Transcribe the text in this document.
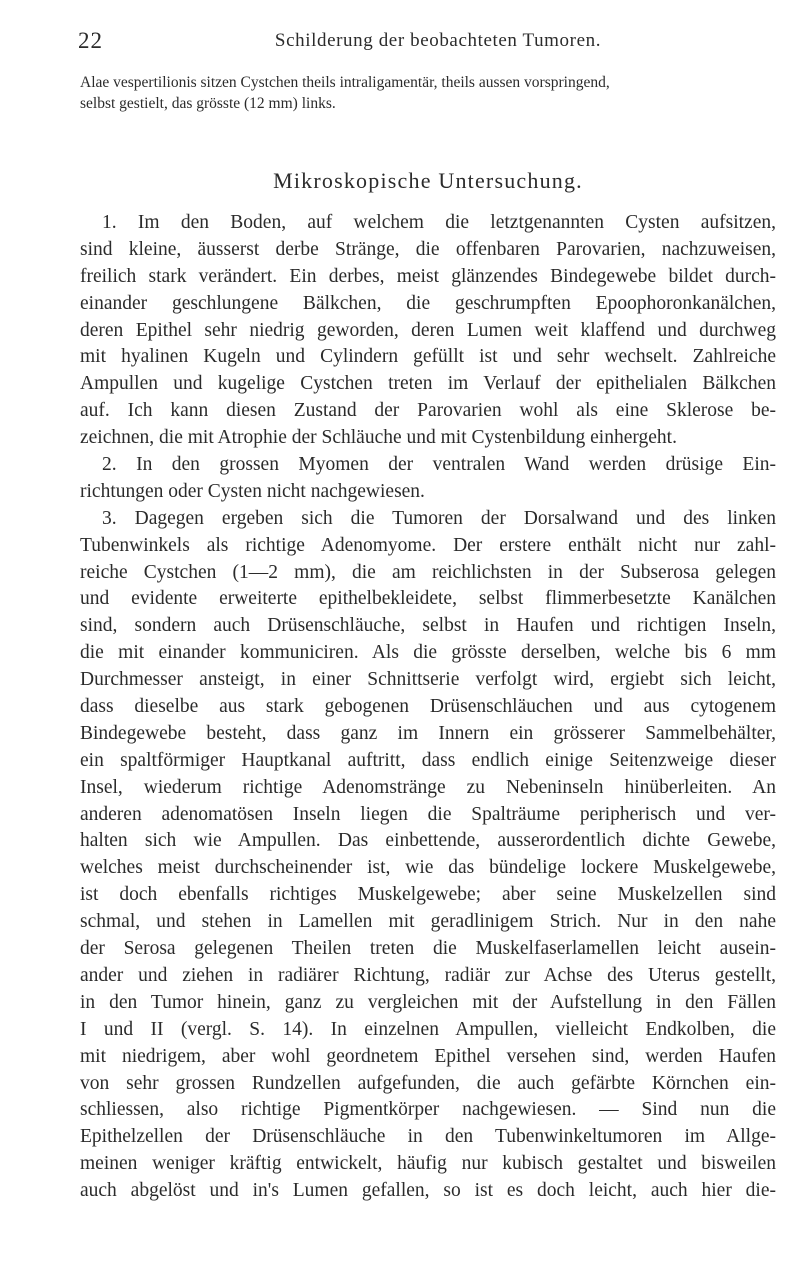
22	Schilderung der beobachteten Tumoren.
Alae vespertilionis sitzen Cystchen theils intraligamentär, theils aussen vorspringend,
selbst gestielt, das grösste (12 mm) links.
Mikroskopische Untersuchung.
1. Im den Boden, auf welchem die letztgenannten Cysten aufsitzen,
sind kleine, äusserst derbe Stränge, die offenbaren Parovarien, nachzuweisen,
freilich stark verändert. Ein derbes, meist glänzendes Bindegewebe bildet durch-
einander geschlungene Bälkchen, die geschrumpften Epoophoronkanälchen,
deren Epithel sehr niedrig geworden, deren Lumen weit klaffend und durchweg
mit hyalinen Kugeln und Cylindern gefüllt ist und sehr wechselt. Zahlreiche
Ampullen und kugelige Cystchen treten im Verlauf der epithelialen Bälkchen
auf. Ich kann diesen Zustand der Parovarien wohl als eine Sklerose be-
zeichnen, die mit Atrophie der Schläuche und mit Cystenbildung einhergeht.
2. In den grossen Myomen der ventralen Wand werden drüsige Ein-
richtungen oder Cysten nicht nachgewiesen.
3. Dagegen ergeben sich die Tumoren der Dorsalwand und des linken
Tubenwinkels als richtige Adenomyome. Der erstere enthält nicht nur zahl-
reiche Cystchen (1—2 mm), die am reichlichsten in der Subserosa gelegen
und evidente erweiterte epithelbekleidete, selbst flimmerbesetzte Kanälchen
sind, sondern auch Drüsenschläuche, selbst in Haufen und richtigen Inseln,
die mit einander kommuniciren. Als die grösste derselben, welche bis 6 mm
Durchmesser ansteigt, in einer Schnittserie verfolgt wird, ergiebt sich leicht,
dass dieselbe aus stark gebogenen Drüsenschläuchen und aus cytogenem
Bindegewebe besteht, dass ganz im Innern ein grösserer Sammelbehälter,
ein spaltförmiger Hauptkanal auftritt, dass endlich einige Seitenzweige dieser
Insel, wiederum richtige Adenomstränge zu Nebeninseln hinüberleiten. An
anderen adenomatösen Inseln liegen die Spalträume peripherisch und ver-
halten sich wie Ampullen. Das einbettende, ausserordentlich dichte Gewebe,
welches meist durchscheinender ist, wie das bündelige lockere Muskelgewebe,
ist doch ebenfalls richtiges Muskelgewebe; aber seine Muskelzellen sind
schmal, und stehen in Lamellen mit geradlinigem Strich. Nur in den nahe
der Serosa gelegenen Theilen treten die Muskelfaserlamellen leicht ausein-
ander und ziehen in radiärer Richtung, radiär zur Achse des Uterus gestellt,
in den Tumor hinein, ganz zu vergleichen mit der Aufstellung in den Fällen
I und II (vergl. S. 14). In einzelnen Ampullen, vielleicht Endkolben, die
mit niedrigem, aber wohl geordnetem Epithel versehen sind, werden Haufen
von sehr grossen Rundzellen aufgefunden, die auch gefärbte Körnchen ein-
schliessen, also richtige Pigmentkörper nachgewiesen. — Sind nun die
Epithelzellen der Drüsenschläuche in den Tubenwinkeltumoren im Allge-
meinen weniger kräftig entwickelt, häufig nur kubisch gestaltet und bisweilen
auch abgelöst und in's Lumen gefallen, so ist es doch leicht, auch hier die-
